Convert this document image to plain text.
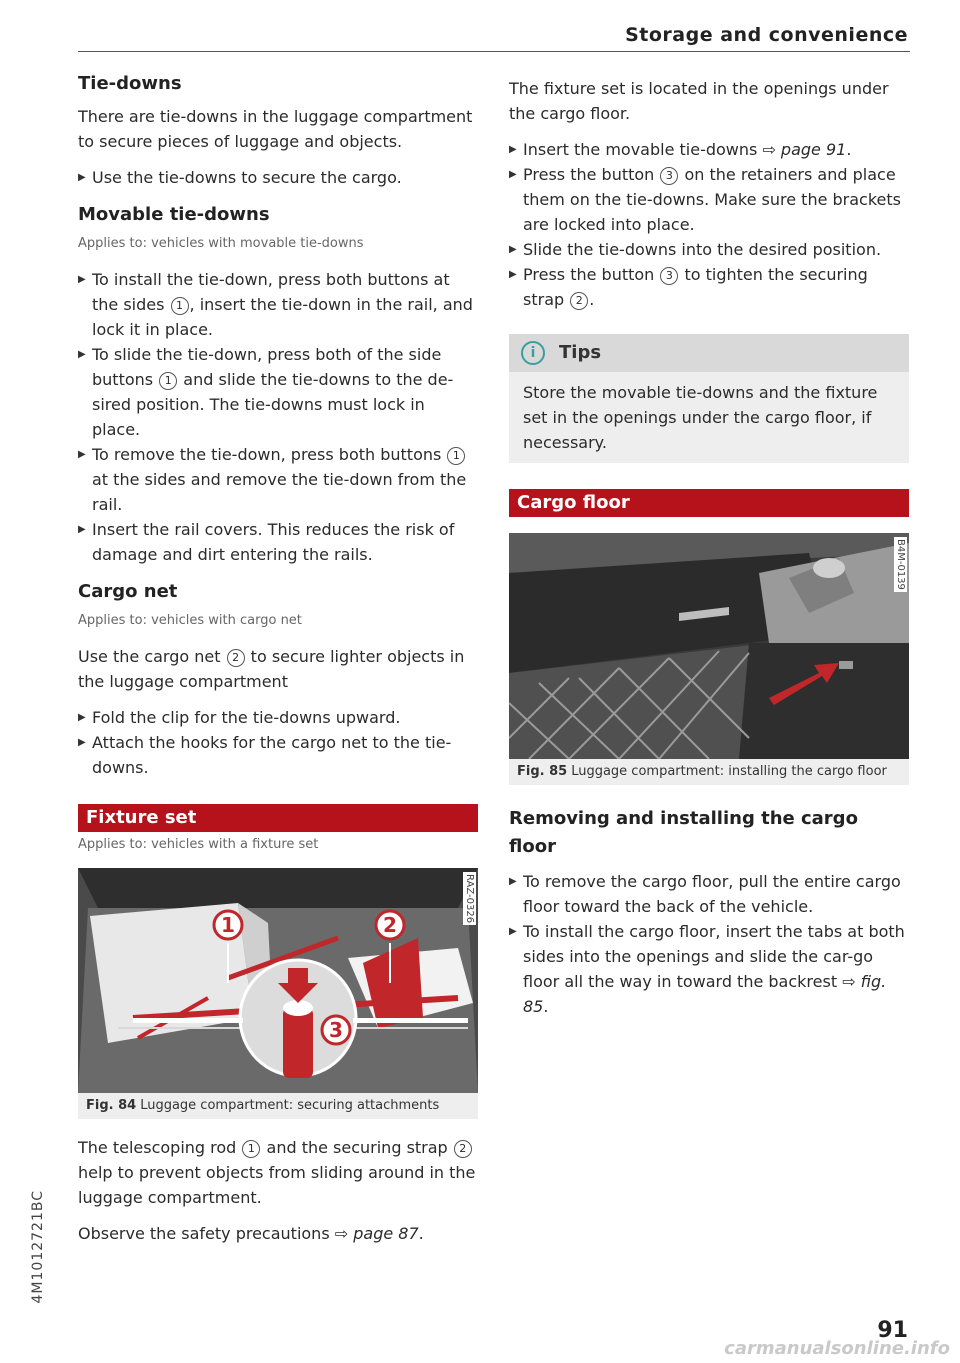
Storage and convenience
Tie-downs

There are tie-downs in the luggage compartment to secure pieces of luggage and objects.

▶ Use the tie-downs to secure the cargo.
Movable tie-downs
Applies to: vehicles with movable tie-downs
▶ To install the tie-down, press both buttons at the sides 1 , insert the tie-down in the rail, and lock it in place.
▶ To slide the tie-down, press both of the side buttons 1 and slide the tie-downs to the de-sired position. The tie-downs must lock in place.
▶ To remove the tie-down, press both buttons 1 at the sides and remove the tie-down from the rail.
▶ Insert the rail covers. This reduces the risk of damage and dirt entering the rails.
Cargo net
Applies to: vehicles with cargo net

Use the cargo net 2 to secure lighter objects in the luggage compartment

▶ Fold the clip for the tie-downs upward.
▶ Attach the hooks for the cargo net to the tie-downs.
Fixture set
Applies to: vehicles with a fixture set
1	2
3
RAZ-0326
Fig. 84 Luggage compartment: securing attachments

The telescoping rod 1 and the securing strap 2 help to prevent objects from sliding around in the luggage compartment.

Observe the safety precautions ⇨ page 87.

The fixture set is located in the openings under the cargo floor.

▶ Insert the movable tie-downs ⇨ page 91.
▶ Press the button 3 on the retainers and place them on the tie-downs. Make sure the brackets are locked into place.
▶ Slide the tie-downs into the desired position.
▶ Press the button 3 to tighten the securing strap 2 .
i Tips

Store the movable tie-downs and the fixture set in the openings under the cargo floor, if necessary.

Cargo floor
B4M-0139
Fig. 85 Luggage compartment: installing the cargo floor
Removing and installing the cargo floor
▶ To remove the cargo floor, pull the entire cargo floor toward the back of the vehicle.
▶ To install the cargo floor, insert the tabs at both sides into the openings and slide the car-go floor all the way in toward the backrest ⇨ fig. 85.
4M1012721BC
91
carmanualsonline.info
